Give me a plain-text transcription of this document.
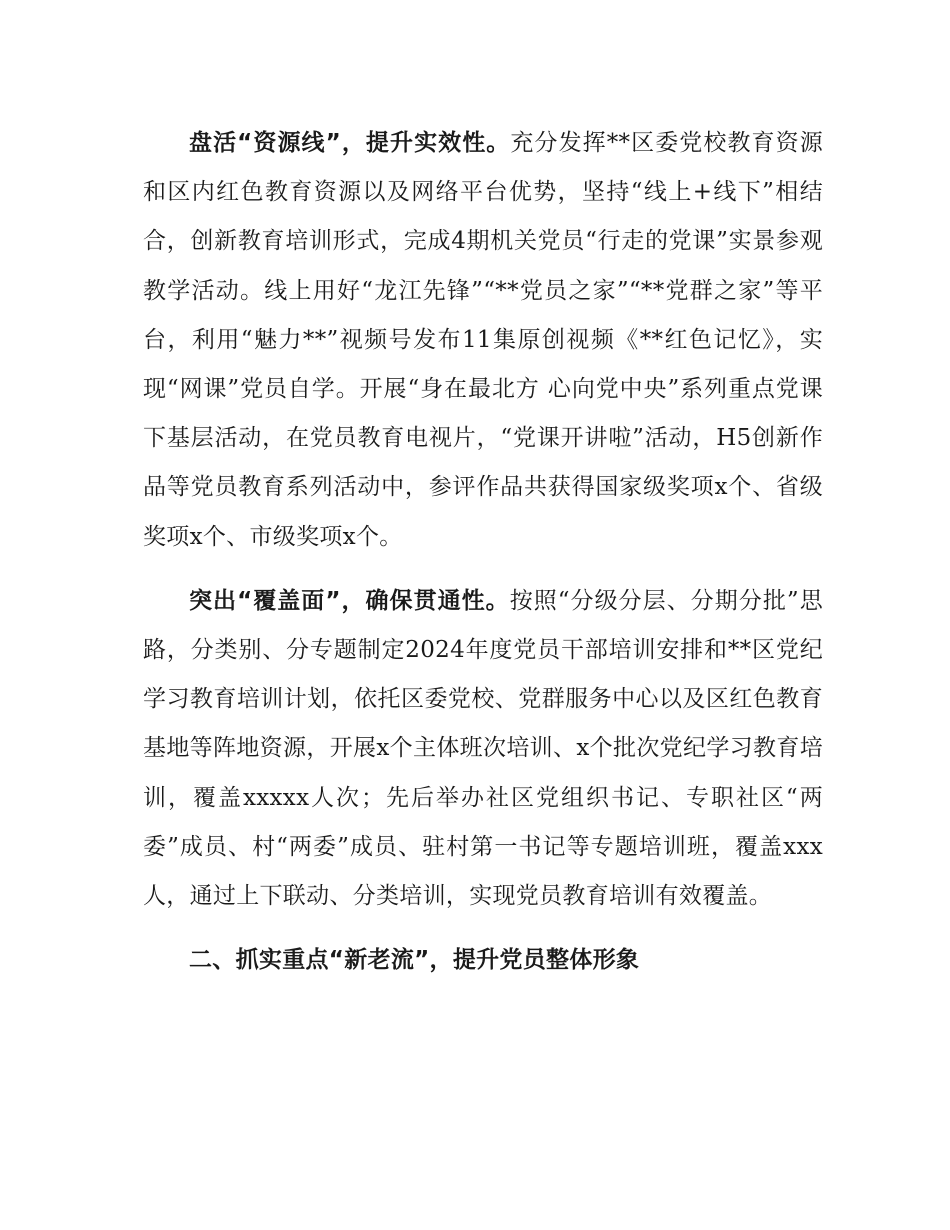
盘活“资源线”，提升实效性。充分发挥**区委党校教育资源和区内红色教育资源以及网络平台优势，坚持“线上+线下”相结合，创新教育培训形式，完成4期机关党员“行走的党课”实景参观教学活动。线上用好“龙江先锋”“**党员之家”“**党群之家”等平台，利用“魅力**”视频号发布11集原创视频《**红色记忆》，实现“网课”党员自学。开展“身在最北方 心向党中央”系列重点党课下基层活动，在党员教育电视片，“党课开讲啦”活动，H5创新作品等党员教育系列活动中，参评作品共获得国家级奖项x个、省级奖项x个、市级奖项x个。

突出“覆盖面”，确保贯通性。按照“分级分层、分期分批”思路，分类别、分专题制定2024年度党员干部培训安排和**区党纪学习教育培训计划，依托区委党校、党群服务中心以及区红色教育基地等阵地资源，开展x个主体班次培训、x个批次党纪学习教育培训，覆盖xxxxx人次；先后举办社区党组织书记、专职社区“两委”成员、村“两委”成员、驻村第一书记等专题培训班，覆盖xxx人，通过上下联动、分类培训，实现党员教育培训有效覆盖。

二、抓实重点“新老流”，提升党员整体形象
